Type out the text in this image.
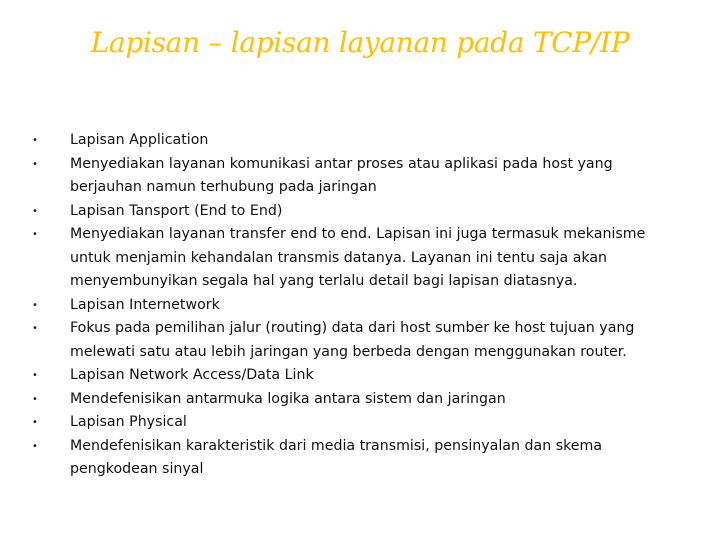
Lapisan – lapisan layanan pada TCP/IP
• Lapisan Application
• Menyediakan layanan komunikasi antar proses atau aplikasi pada host yang berjauhan namun terhubung pada jaringan
• Lapisan Tansport (End to End)
• Menyediakan layanan transfer end to end. Lapisan ini juga termasuk mekanisme untuk menjamin kehandalan transmis datanya. Layanan ini tentu saja akan menyembunyikan segala hal yang terlalu detail bagi lapisan diatasnya.
• Lapisan Internetwork
• Fokus pada pemilihan jalur (routing) data dari host sumber ke host tujuan yang melewati satu atau lebih jaringan yang berbeda dengan menggunakan router.
• Lapisan Network Access/Data Link
• Mendefenisikan antarmuka logika antara sistem dan jaringan
• Lapisan Physical
• Mendefenisikan karakteristik dari media transmisi, pensinyalan dan skema pengkodean sinyal
